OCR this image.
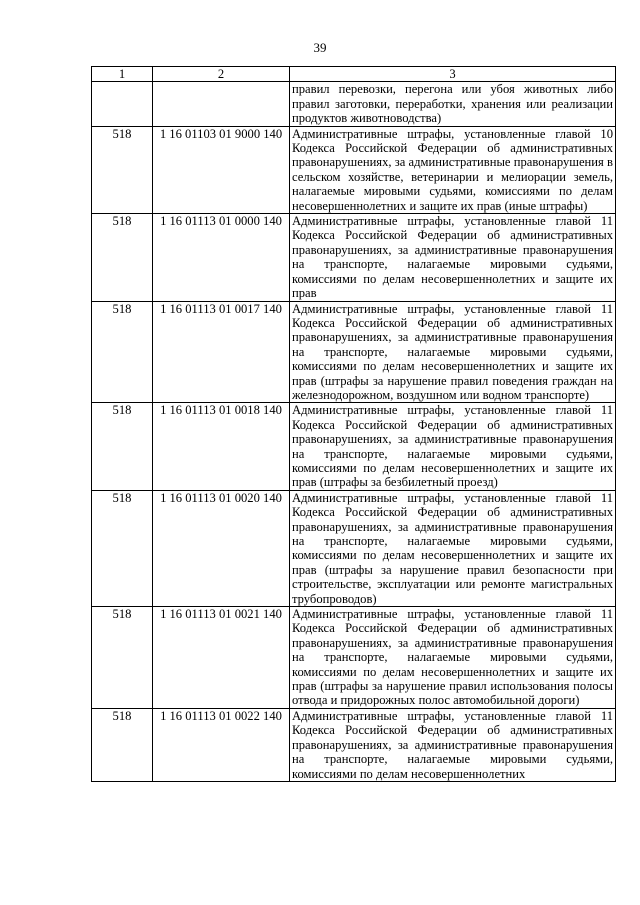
39
1	2	3
		правил перевозки, перегона или убоя животных либо правил заготовки, переработки, хранения или реализации продуктов животноводства)
518	1 16 01103 01 9000 140	Административные штрафы, установленные главой 10 Кодекса Российской Федерации об административных правонарушениях, за административные правонарушения в сельском хозяйстве, ветеринарии и мелиорации земель, налагаемые мировыми судьями, комиссиями по делам несовершеннолетних и защите их прав (иные штрафы)
518	1 16 01113 01 0000 140	Административные штрафы, установленные главой 11 Кодекса Российской Федерации об административных правонарушениях, за административные правонарушения на транспорте, налагаемые мировыми судьями, комиссиями по делам несовершеннолетних и защите их прав
518	1 16 01113 01 0017 140	Административные штрафы, установленные главой 11 Кодекса Российской Федерации об административных правонарушениях, за административные правонарушения на транспорте, налагаемые мировыми судьями, комиссиями по делам несовершеннолетних и защите их прав (штрафы за нарушение правил поведения граждан на железнодорожном, воздушном или водном транспорте)
518	1 16 01113 01 0018 140	Административные штрафы, установленные главой 11 Кодекса Российской Федерации об административных правонарушениях, за административные правонарушения на транспорте, налагаемые мировыми судьями, комиссиями по делам несовершеннолетних и защите их прав (штрафы за безбилетный проезд)
518	1 16 01113 01 0020 140	Административные штрафы, установленные главой 11 Кодекса Российской Федерации об административных правонарушениях, за административные правонарушения на транспорте, налагаемые мировыми судьями, комиссиями по делам несовершеннолетних и защите их прав (штрафы за нарушение правил безопасности при строительстве, эксплуатации или ремонте магистральных трубопроводов)
518	1 16 01113 01 0021 140	Административные штрафы, установленные главой 11 Кодекса Российской Федерации об административных правонарушениях, за административные правонарушения на транспорте, налагаемые мировыми судьями, комиссиями по делам несовершеннолетних и защите их прав (штрафы за нарушение правил использования полосы отвода и придорожных полос автомобильной дороги)
518	1 16 01113 01 0022 140	Административные штрафы, установленные главой 11 Кодекса Российской Федерации об административных правонарушениях, за административные правонарушения на транспорте, налагаемые мировыми судьями, комиссиями по делам несовершеннолетних
